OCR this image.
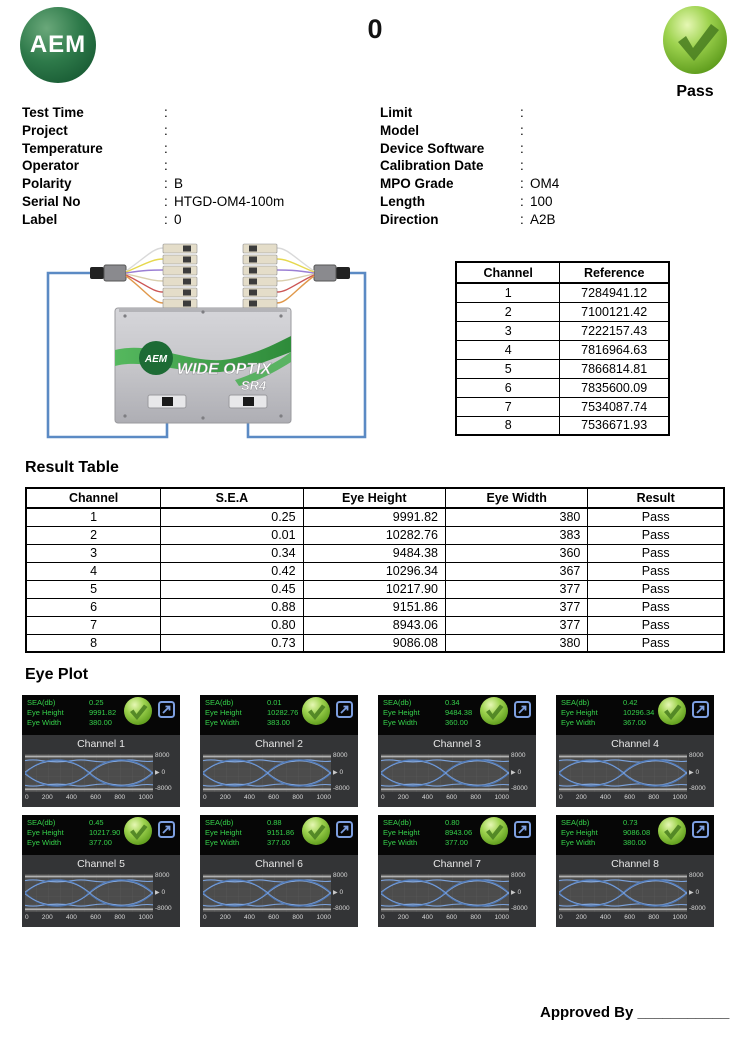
AEM
0
Pass
Test Time	:
Project	:
Temperature	:
Operator	:
Polarity	: B
Serial No	: HTGD-OM4-100m
Label	: 0
Limit	:
Model	:
Device Software	:
Calibration Date	:
MPO Grade	: OM4
Length	: 100
Direction	: A2B
AEM
WIDE OPTIX
SR4
Channel	Reference
1	7284941.12
2	7100121.42
3	7222157.43
4	7816964.63
5	7866814.81
6	7835600.09
7	7534087.74
8	7536671.93
Result Table
Channel	S.E.A	Eye Height	Eye Width	Result
1	0.25	9991.82	380	Pass
2	0.01	10282.76	383	Pass
3	0.34	9484.38	360	Pass
4	0.42	10296.34	367	Pass
5	0.45	10217.90	377	Pass
6	0.88	9151.86	377	Pass
7	0.80	8943.06	377	Pass
8	0.73	9086.08	380	Pass
Eye Plot
SEA(db)
Eye Height
Eye Width
0.25
9991.82
380.00
Channel 1
8000
▶ 0
-8000
0 200 400 600 800 1000
SEA(db)
Eye Height
Eye Width
0.01
10282.76
383.00
Channel 2
8000
▶ 0
-8000
0 200 400 600 800 1000
SEA(db)
Eye Height
Eye Width
0.34
9484.38
360.00
Channel 3
8000
▶ 0
-8000
0 200 400 600 800 1000
SEA(db)
Eye Height
Eye Width
0.42
10296.34
367.00
Channel 4
8000
▶ 0
-8000
0 200 400 600 800 1000
SEA(db)
Eye Height
Eye Width
0.45
10217.90
377.00
Channel 5
8000
▶ 0
-8000
0 200 400 600 800 1000
SEA(db)
Eye Height
Eye Width
0.88
9151.86
377.00
Channel 6
8000
▶ 0
-8000
0 200 400 600 800 1000
SEA(db)
Eye Height
Eye Width
0.80
8943.06
377.00
Channel 7
8000
▶ 0
-8000
0 200 400 600 800 1000
SEA(db)
Eye Height
Eye Width
0.73
9086.08
380.00
Channel 8
8000
▶ 0
-8000
0 200 400 600 800 1000
Approved By ___________
